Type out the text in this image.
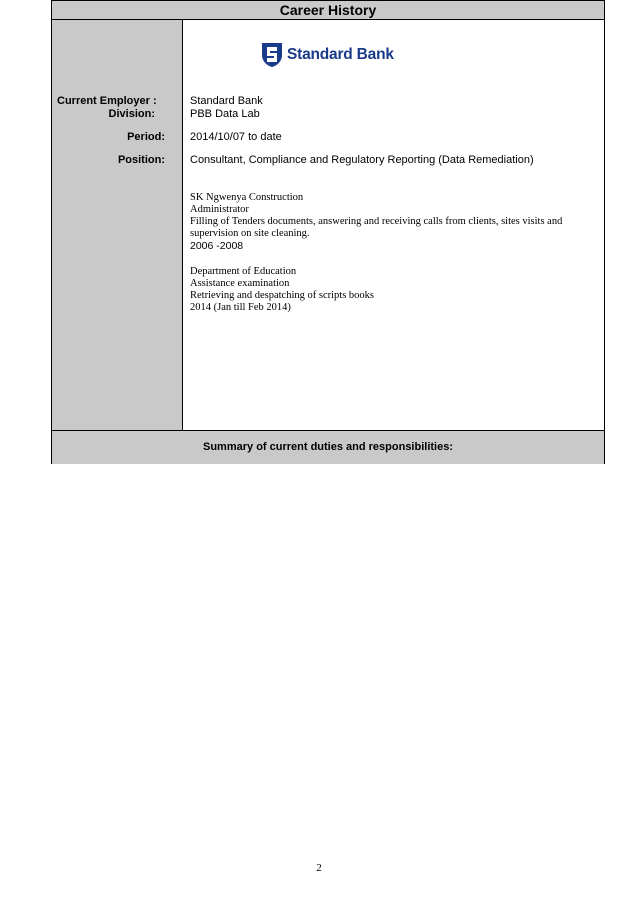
Career History
Current Employer :
Division:
Period:
Position:
Standard Bank
Standard Bank
PBB Data Lab
2014/10/07 to date
Consultant, Compliance and Regulatory Reporting (Data Remediation)
SK Ngwenya Construction
Administrator
Filling of Tenders documents, answering and receiving calls from clients, sites visits and
supervision on site cleaning.
2006 -2008
Department of Education
Assistance examination
Retrieving and despatching of scripts books
2014 (Jan till Feb 2014)
Summary of current duties and responsibilities:
2
